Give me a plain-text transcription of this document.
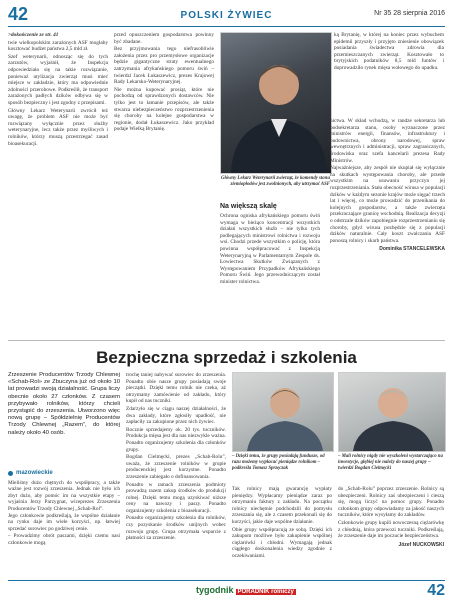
42	POLSKI ŻYWIEC	Nr 35 28 sierpnia 2016

>dokończenie ze str. 41

twie wielkopolskim zarażonych ASF mogłaby kosztować budżet państwa 2,5 mld zł.

Szef weterynarii, odnosząc się do tych zarzutów, wyjaśnił, że Inspekcja odpowiedziała się na takie rozwiązanie, ponieważ utylizacja zwierząt musi mieć miejsce w zakładzie, który ma odpowiednie zdolności przerobowe. Podkreślił, że transport zarażonych padłych dzików odbywa się w sposób bezpieczny i jest zgodny z przepisami.

Główny Lekarz Weterynarii zwrócił też uwagę, że problem ASF nie może być rozwiązany wyłącznie przez służby weterynaryjne, lecz także przez myśliwych i rolników, którzy muszą przestrzegać zasad bioasekuracji.

przed opuszczeniem gospodarstwa powinny być zbadane.

Bez przyjmowania tego niefrasobliwie założenia przez pro przemysłowe organizacje będzie gigantyczne straty ewentualnego zatrzymania afrykańskiego pomoru świń – twierdzi Jacek Łukaszewicz, prezes Krajowej Rady Lekarsko-Weterynaryjnej.

Nie można kupować prosiąt, które nie pochodzą od sprawdzonych dostawców. Nie tylko jest to łamanie przepisów, ale także stwarza niebezpieczeństwo rozprzestrzenienia się choroby na kolejne gospodarstwa w regionie, dodał Łukaszewicz. Jako przykład podaje Wielką Brytanię.

Główny Lekarz Weterynarii zwierząt, że komendy stonu ziemiopłodów jest zwolnionych, aby utrzymać ASF

ką Brytanię, w której na koniec przez wybuchem epidemii przyszły i przyjęto zniesienie obowiązek posiadania świadectwa zdrowia dla przemieszczanych zwierząt. Kosztowało to brytyjskich podatników 8,5 mld funtów i doprowadziło rynek mięsa wołowego do upadku.

Na większą skalę

Ochrona ogniska afrykańskiego pomoru świń wymaga w bieżąco koncentracji wszystkich działań wszystkich służb – nie tylko tych podlegających ministrowi rolnictwa i rozwoju wsi. Chodzi przede wszystkim o policję, która powinna współpracować z Inspekcją Weterynaryjną w Parlamentarnym Zespole ds. Łowiectwa Skutków Związanych z Występowaniem Przypadków Afrykańskiego Pomoru Świń. Jego przewodniczącym został minister rolnictwa.

nictwa. W skład wchodzą, w randze sekretarza lub podsekretarza stanu, osoby wyznaczone przez ministrów energii, finansów, infrastruktury i budownictwa, obrony narodowej, spraw wewnętrznych i administracji, spraw zagranicznych, środowiska oraz szefa kancelarii prezesa Rady Ministrów.

Najważniejsze, aby zespół nie skupiał się wyłącznie na skutkach występowania choroby, ale przede wszystkim na usuwaniu przyczyn jej rozprzestrzeniania. Stała obecność wirusa w populacji dzików w każdym sezonie krajów może sięgać trzech lat i więcej, co może prowadzić do przenikania do kolejnych gospodarstw, a także zwierzęta przekraczające granicę wschodnią. Realizacja decyzji o odstrzale dzików zapobiegnie rozprzestrzenianiu się choroby, gdyż wirusa pozbędzie się z populacji dzików naturalnie. Cały koszt zwalczania ASF ponoszą rolnicy i skarb państwa.

Dominika STANCELEWSKA
Bezpieczna sprzedaż i szkolenia
Zrzeszenie Producentów Trzody Chlewnej «Schab-Rol» ze Zbuczyna już od około 10 lat prowadzi swoją działalność. Grupa liczy obecnie około 27 członków. Z czasem przybywało rolników, którzy chcieli przystąpić do zrzeszenia. Utworzono więc nową grupę – Spółdzielnię Producentów Trzody Chlewnej „Razem”, do której należy około 40 osób.
mazowieckie

Mieliśmy dużo chętnych do współpracy, a także ważne jest rozwój zrzeszenia. Jednak nie było ich zbyt dużo, aby pomóc im na wszystkie etapy – wyjaśnia Jerzy Parzygnat, wiceprezes Zrzeszenia Producentów Trzody Chlewnej „Schab-Rol”.

Jego członkowie podkreślają, że wspólne działanie na rynku daje im wiele korzyści, np. łatwiej sprzedać surowiec po godziwej cenie.

– Prowadzimy obrót paszami, dzięki czemu nasi członkowie mogą

trochę taniej nabywać surowiec do zrzeszenia. Ponadto obie nasze grupy posiadają swoje pieczątki. Dzięki temu rolnik nie czeka, aż otrzymamy zamówienie od zakładu, który kupił od nas tuczniki.

Zdarzyło się w ciągu naszej działalności, że dwa zakłady, które zgłosiły upadłość, nie zapłaciły za zakupione przez nich żywiec.

Rocznie sprzedajemy ok. 20 tys. tuczników. Produkcja mięsa jest dla nas niezwykle ważna. Ponadto organizujemy szkolenia dla członków grupy.

Bogdan Cielmęcki, prezes „Schab-Rolu”, uważa, że zrzeszenie rolników w grupie producenckiej jest korzystne. Ponadto zrzeszenie zabiegało o dofinansowania.

Ponadto w ramach zrzeszenia podmioty prowadzą razem zakup środków do produkcji rolnej. Dzięki temu mogą uzyskiwać niższe ceny na nawozy i paszy. Ponadto organizujemy szkolenia z bioasekuracji.

Ponadto organizujemy szkolenia dla rolników, czy pozyskanie środków unijnych wobec rozwoju grupy. Grupa otrzymała wsparcie z płatności za zrzeszenie.

– Dzięki temu, że grupy posiadają fundusze, od razu możemy wypłacać pieniądze rolnikom – podkreśla Tomasz Sprzęczak
– Mali rolnicy nigdy nie wyszkoleni wystarczająco na inwestycje, głębiej nie należy do naszej grupy – twierdzi Bogdan Cielmęcki

Tak rolnicy mają gwarancję wypłaty pieniędzy. Wypłacamy pieniądze zaraz po otrzymaniu faktury z zakładu. Na początku rolnicy niechętnie podchodzili do pomysłu zrzeszania się, ale z czasem przekonali się do korzyści, jakie daje wspólne działanie.

Obie grupy współpracują ze sobą. Dzięki ich zakupom możliwe było zakupienie wspólnej ciężarówki i chłodni. Wymagają jednak ciągłego doskonalenia wiedzy zgodnie z oczekiwaniami.

do „Schab-Rolu” poprzez zrzeszenie. Rolnicy są ubezpieczeni. Rolnicy zaś ubezpieczeni i cieszą się, mogą liczyć na pomoc grupy. Ponadto członkom grupy odpowiadamy za jakość naszych tuczników, które wysyłamy do zakładów.

Członkowie grupy kupili nowoczesną ciężarówkę z chłodnią, która przewozi tuczniki. Podkreślają, że zrzeszenie daje im poczucie bezpieczeństwa.

Józef NUCKOWSKI
tygodnik PORADNIK rolniczy	42
